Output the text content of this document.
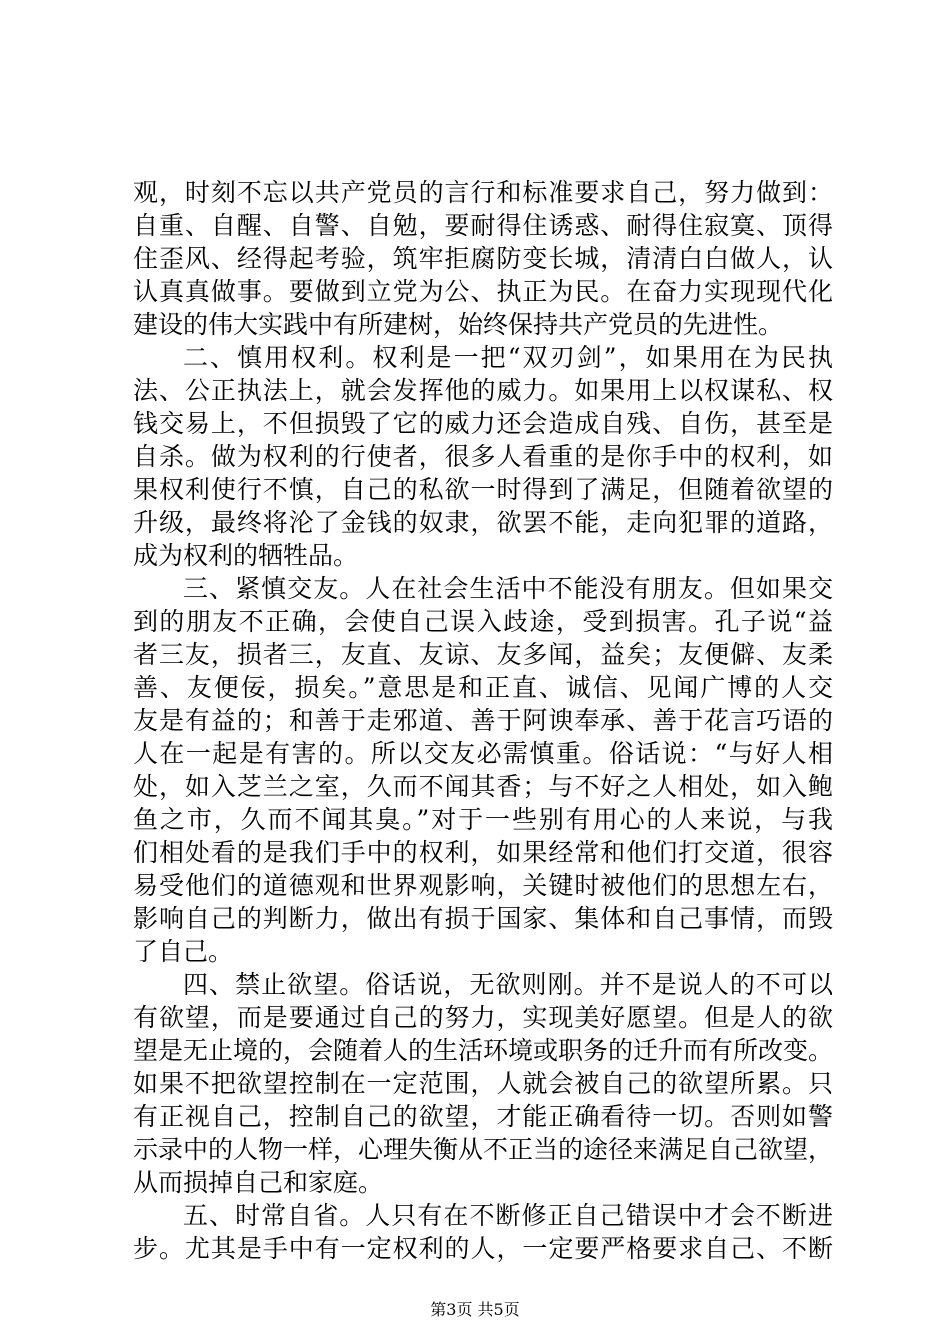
观，时刻不忘以共产党员的言行和标准要求自己，努力做到：
自重、自醒、自警、自勉，要耐得住诱惑、耐得住寂寞、顶得
住歪风、经得起考验，筑牢拒腐防变长城，清清白白做人，认
认真真做事。要做到立党为公、执正为民。在奋力实现现代化
建设的伟大实践中有所建树，始终保持共产党员的先进性。
二、慎用权利。权利是一把“双刃剑”，如果用在为民执
法、公正执法上，就会发挥他的威力。如果用上以权谋私、权
钱交易上，不但损毁了它的威力还会造成自残、自伤，甚至是
自杀。做为权利的行使者，很多人看重的是你手中的权利，如
果权利使行不慎，自己的私欲一时得到了满足，但随着欲望的
升级，最终将沦了金钱的奴隶，欲罢不能，走向犯罪的道路，
成为权利的牺牲品。
三、紧慎交友。人在社会生活中不能没有朋友。但如果交
到的朋友不正确，会使自己误入歧途，受到损害。孔子说“益
者三友，损者三，友直、友谅、友多闻，益矣；友便僻、友柔
善、友便佞，损矣。”意思是和正直、诚信、见闻广博的人交
友是有益的；和善于走邪道、善于阿谀奉承、善于花言巧语的
人在一起是有害的。所以交友必需慎重。俗话说：“与好人相
处，如入芝兰之室，久而不闻其香；与不好之人相处，如入鲍
鱼之市，久而不闻其臭。”对于一些别有用心的人来说，与我
们相处看的是我们手中的权利，如果经常和他们打交道，很容
易受他们的道德观和世界观影响，关键时被他们的思想左右，
影响自己的判断力，做出有损于国家、集体和自己事情，而毁
了自己。
四、禁止欲望。俗话说，无欲则刚。并不是说人的不可以
有欲望，而是要通过自己的努力，实现美好愿望。但是人的欲
望是无止境的，会随着人的生活环境或职务的迁升而有所改变。
如果不把欲望控制在一定范围，人就会被自己的欲望所累。只
有正视自己，控制自己的欲望，才能正确看待一切。否则如警
示录中的人物一样，心理失衡从不正当的途径来满足自己欲望，
从而损掉自己和家庭。
五、时常自省。人只有在不断修正自己错误中才会不断进
步。尤其是手中有一定权利的人，一定要严格要求自己、不断
第3页 共5页
